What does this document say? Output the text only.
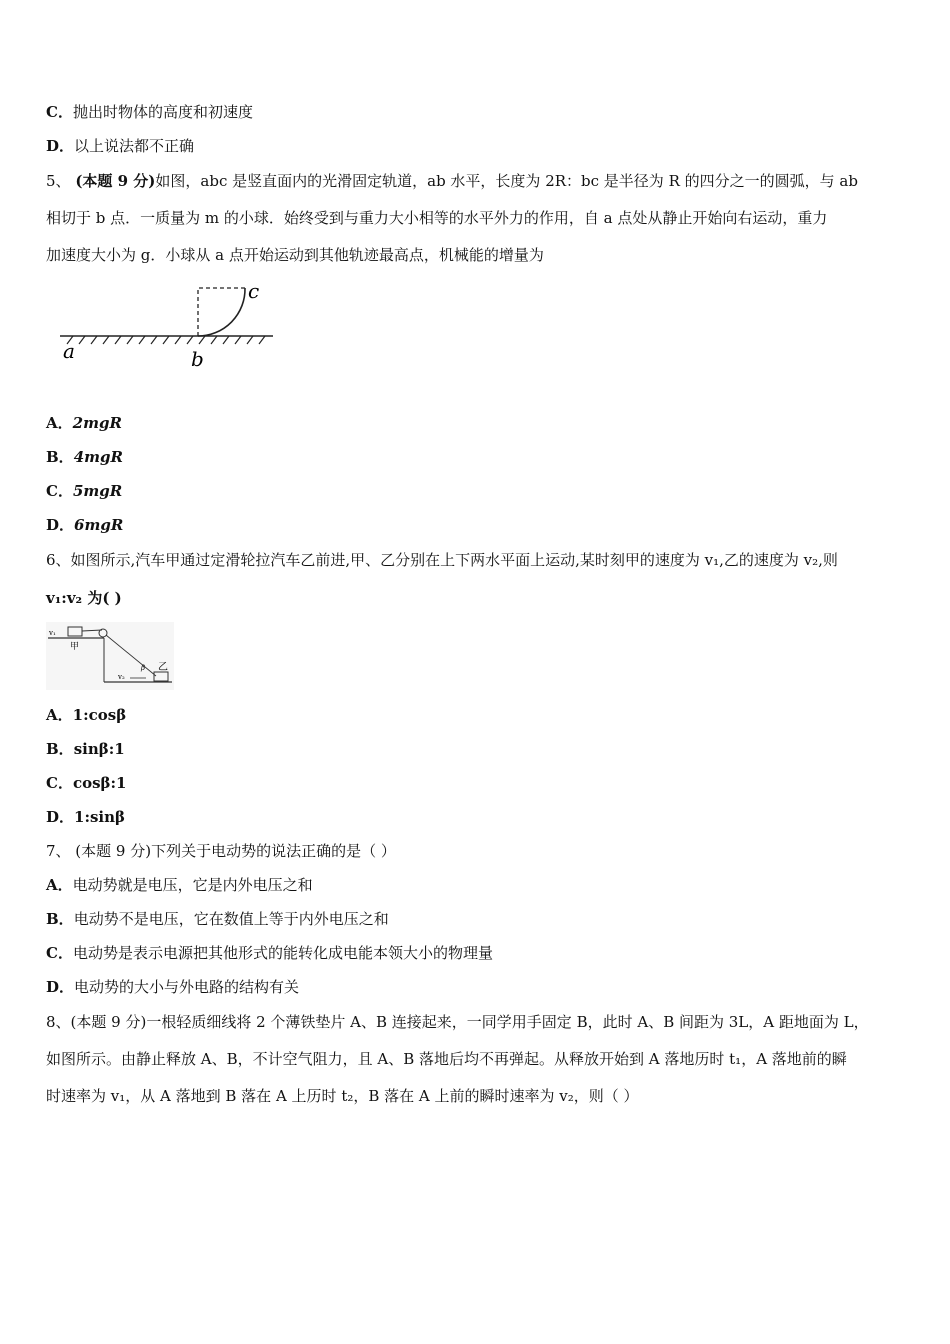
C．抛出时物体的高度和初速度
D．以上说法都不正确
5、 (本题 9 分)如图，abc 是竖直面内的光滑固定轨道，ab 水平，长度为 2R：bc 是半径为 R 的四分之一的圆弧，与 ab
相切于 b 点．一质量为 m 的小球．始终受到与重力大小相等的水平外力的作用，自 a 点处从静止开始向右运动，重力
加速度大小为 g．小球从 a 点开始运动到其他轨迹最高点，机械能的增量为
a	b
c
A．2mgR
B．4mgR
C．5mgR
D．6mgR
6、如图所示,汽车甲通过定滑轮拉汽车乙前进,甲、乙分别在上下两水平面上运动,某时刻甲的速度为 v₁,乙的速度为 v₂,则
v₁:v₂ 为( )
v₁
甲
v₂
β 乙
A．1:cosβ
B．sinβ:1
C．cosβ:1
D．1:sinβ
7、 (本题 9 分)下列关于电动势的说法正确的是（ ）
A．电动势就是电压，它是内外电压之和
B．电动势不是电压，它在数值上等于内外电压之和
C．电动势是表示电源把其他形式的能转化成电能本领大小的物理量
D．电动势的大小与外电路的结构有关
8、(本题 9 分)一根轻质细线将 2 个薄铁垫片 A、B 连接起来，一同学用手固定 B，此时 A、B 间距为 3L，A 距地面为 L，
如图所示。由静止释放 A、B，不计空气阻力，且 A、B 落地后均不再弹起。从释放开始到 A 落地历时 t₁，A 落地前的瞬
时速率为 v₁，从 A 落地到 B 落在 A 上历时 t₂，B 落在 A 上前的瞬时速率为 v₂，则（ ）
